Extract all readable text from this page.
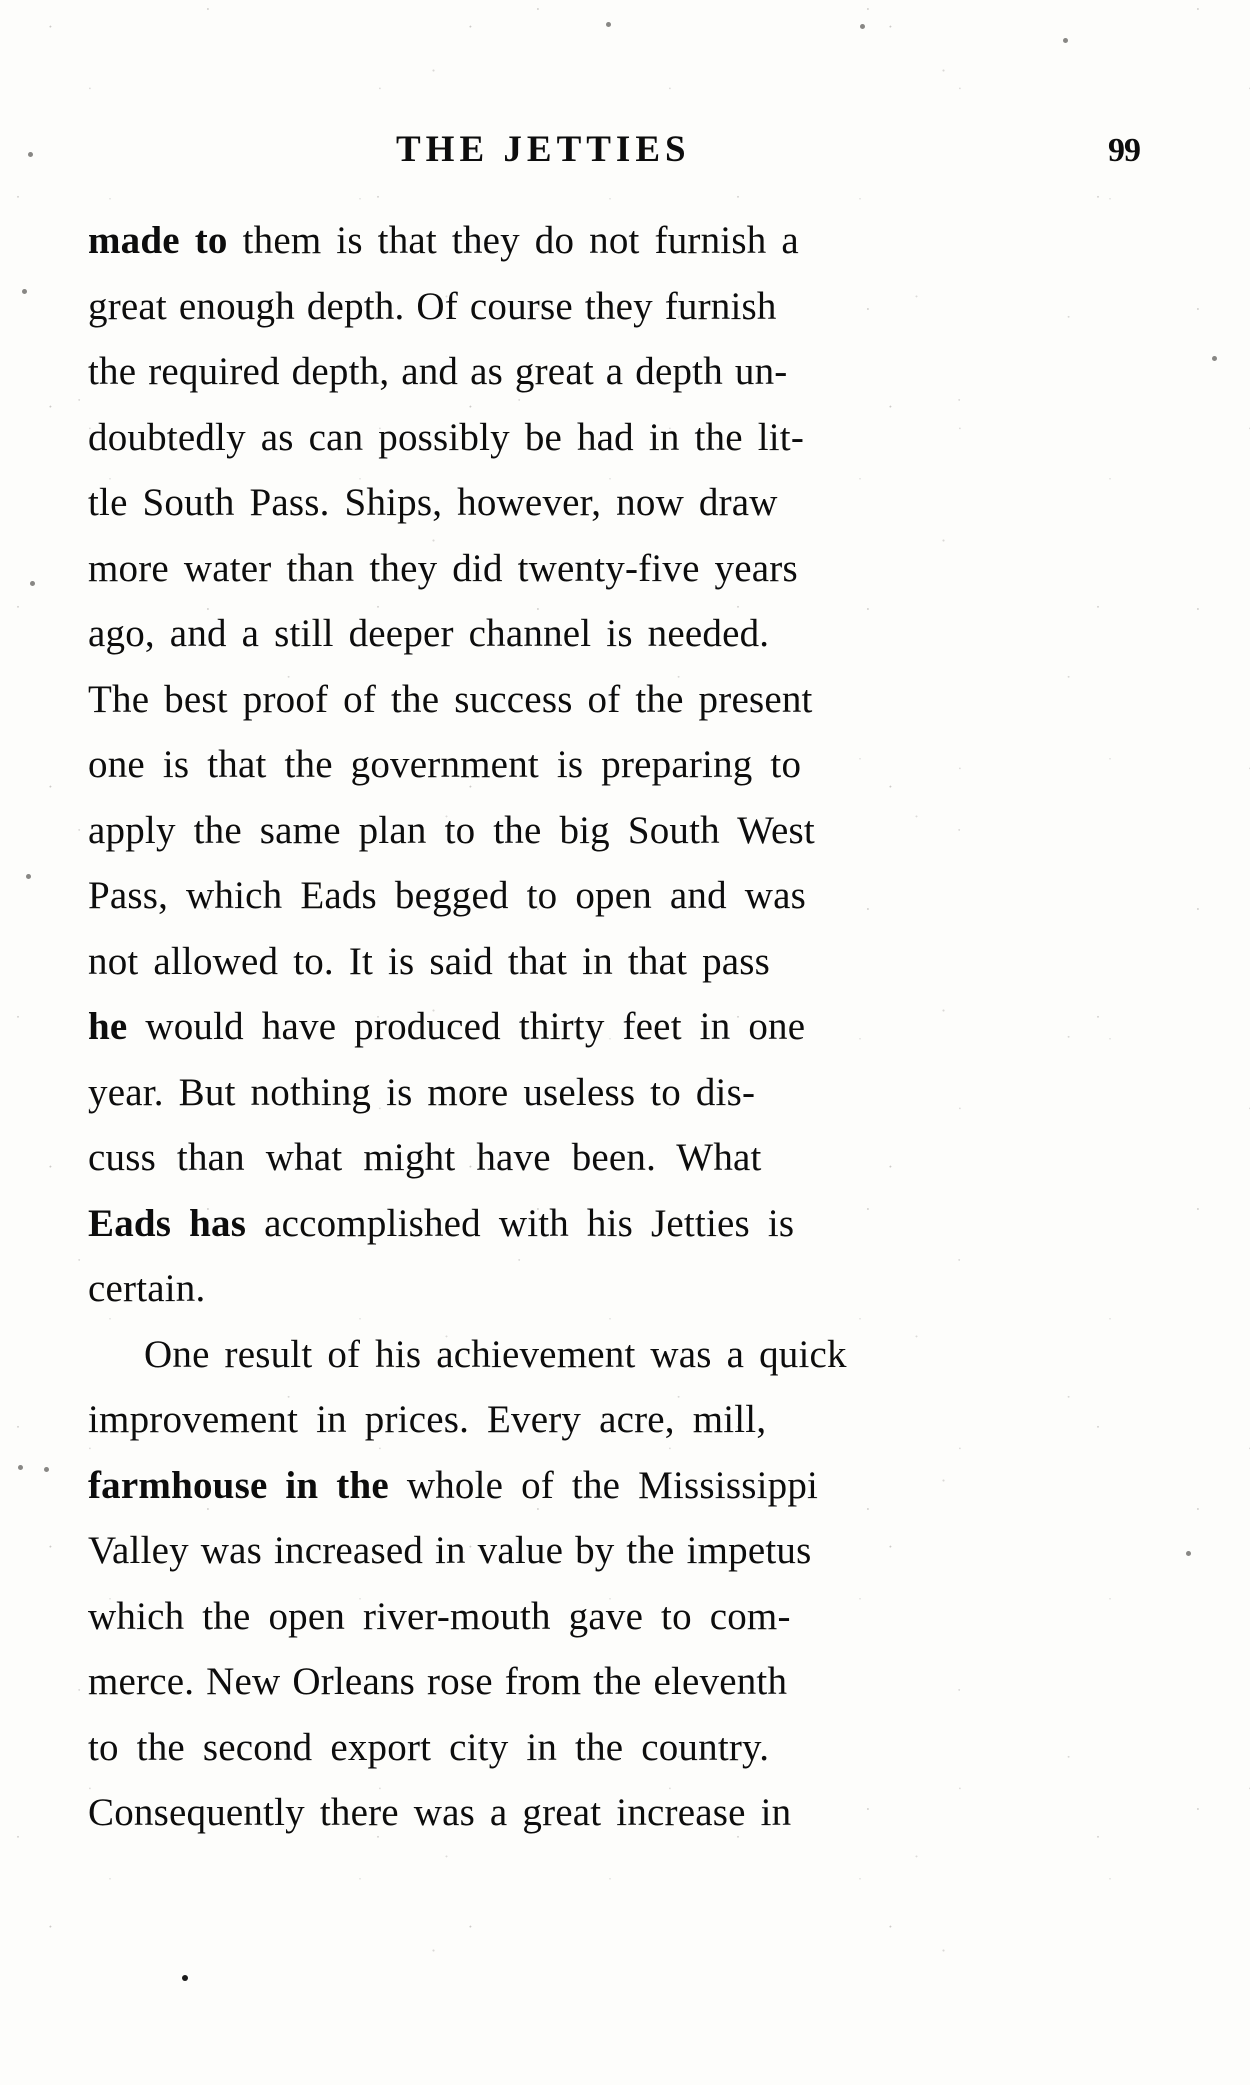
THE JETTIES	99
made to them is that they do not furnish a
great enough depth. Of course they furnish
the required depth, and as great a depth un-
doubtedly as can possibly be had in the lit-
tle South Pass. Ships, however, now draw
more water than they did twenty-five years
ago, and a still deeper channel is needed.
The best proof of the success of the present
one is that the government is preparing to
apply the same plan to the big South West
Pass, which Eads begged to open and was
not allowed to. It is said that in that pass
he would have produced thirty feet in one
year. But nothing is more useless to dis-
cuss than what might have been. What
Eads has accomplished with his Jetties is
certain.
One result of his achievement was a quick
improvement in prices. Every acre, mill,
farmhouse in the whole of the Mississippi
Valley was increased in value by the impetus
which the open river-mouth gave to com-
merce. New Orleans rose from the eleventh
to the second export city in the country.
Consequently there was a great increase in
